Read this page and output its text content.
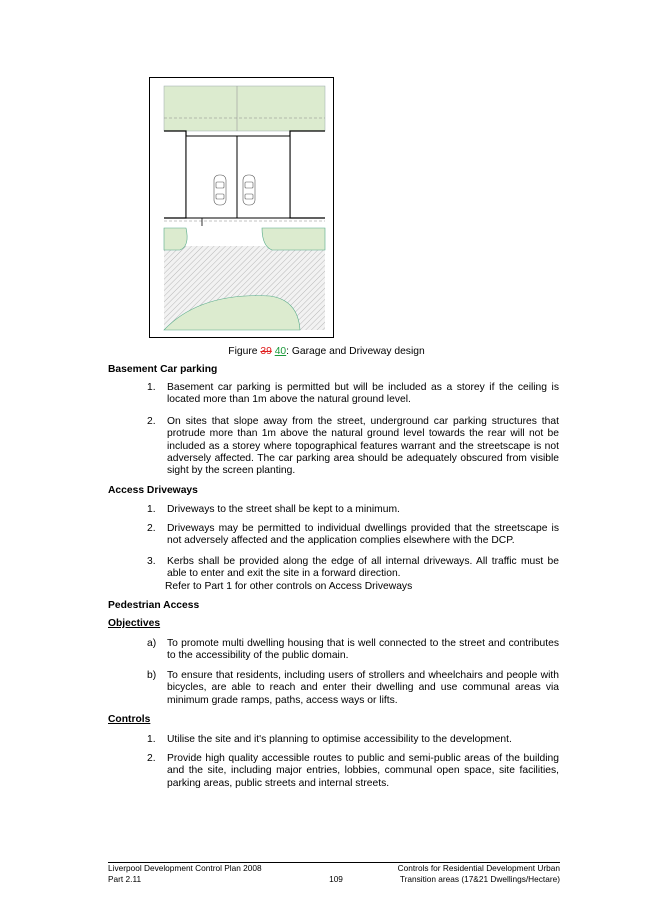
Figure 39 40: Garage and Driveway design
Basement Car parking
1.	Basement car parking is permitted but will be included as a storey if the ceiling is located more than 1m above the natural ground level.
2.	On sites that slope away from the street, underground car parking structures that protrude more than 1m above the natural ground level towards the rear will not be included as a storey where topographical features warrant and the streetscape is not adversely affected. The car parking area should be adequately obscured from visible sight by the screen planting.
Access Driveways
1.	Driveways to the street shall be kept to a minimum.
2.	Driveways may be permitted to individual dwellings provided that the streetscape is not adversely affected and the application complies elsewhere with the DCP.
3.	Kerbs shall be provided along the edge of all internal driveways. All traffic must be able to enter and exit the site in a forward direction.
Refer to Part 1 for other controls on Access Driveways
Pedestrian Access
Objectives
a)	To promote multi dwelling housing that is well connected to the street and contributes to the accessibility of the public domain.
b)	To ensure that residents, including users of strollers and wheelchairs and people with bicycles, are able to reach and enter their dwelling and use communal areas via minimum grade ramps, paths, access ways or lifts.
Controls
1.	Utilise the site and it's planning to optimise accessibility to the development.
2.	Provide high quality accessible routes to public and semi-public areas of the building and the site, including major entries, lobbies, communal open space, site facilities, parking areas, public streets and internal streets.
Liverpool Development Control Plan 2008
Part 2.11	109
Controls for Residential Development Urban
Transition areas (17&21 Dwellings/Hectare)
